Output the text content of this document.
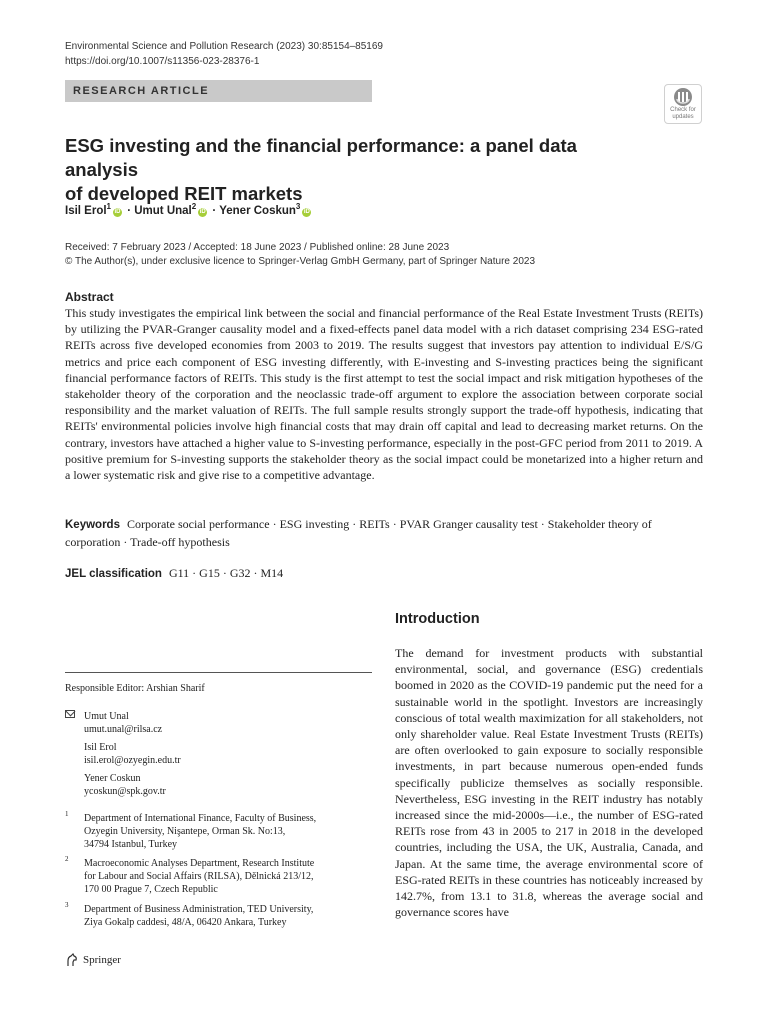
Environmental Science and Pollution Research (2023) 30:85154–85169
https://doi.org/10.1007/s11356-023-28376-1
RESEARCH ARTICLE
Check for
updates
ESG investing and the financial performance: a panel data analysis
of developed REIT markets
Isil Erol$^1$iD · Umut Unal$^2$iD · Yener Coskun$^3$iD
Received: 7 February 2023 / Accepted: 18 June 2023 / Published online: 28 June 2023
© The Author(s), under exclusive licence to Springer-Verlag GmbH Germany, part of Springer Nature 2023
Abstract
This study investigates the empirical link between the social and financial performance of the Real Estate Investment Trusts (REITs) by utilizing the PVAR-Granger causality model and a fixed-effects panel data model with a rich dataset comprising 234 ESG-rated REITs across five developed economies from 2003 to 2019. The results suggest that investors pay attention to individual E/S/G metrics and price each component of ESG investing differently, with E-investing and S-investing practices being the significant financial performance factors of REITs. This study is the first attempt to test the social impact and risk mitigation hypotheses of the stakeholder theory of the corporation and the neoclassic trade-off argument to explore the association between corporate social responsibility and the market valuation of REITs. The full sample results strongly support the trade-off hypothesis, indicating that REITs' environmental policies involve high financial costs that may drain off capital and lead to decreasing market returns. On the contrary, investors have attached a higher value to S-investing performance, especially in the post-GFC period from 2011 to 2019. A positive premium for S-investing supports the stakeholder theory as the social impact could be monetarized into a higher return and a lower systematic risk and give rise to a competitive advantage.
Keywords Corporate social performance · ESG investing · REITs · PVAR Granger causality test · Stakeholder theory of corporation · Trade-off hypothesis
JEL classification G11 · G15 · G32 · M14
Introduction
The demand for investment products with substantial environmental, social, and governance (ESG) credentials boomed in 2020 as the COVID-19 pandemic put the need for a sustainable world in the spotlight. Investors are increasingly conscious of total wealth maximization for all stakeholders, not only shareholder value. Real Estate Investment Trusts (REITs) are often overlooked to gain exposure to socially responsible investments, in part because numerous open-ended funds specifically publicize themselves as socially responsible. Nevertheless, ESG investing in the REIT industry has notably increased since the mid-2000s—i.e., the number of ESG-rated REITs rose from 43 in 2005 to 217 in 2018 in the developed countries, including the USA, the UK, Australia, Canada, and Japan. At the same time, the average environmental score of ESG-rated REITs in these countries has noticeably increased by 142.7%, from 13.1 to 31.8, whereas the average social and governance scores have
Responsible Editor: Arshian Sharif
Umut Unal
umut.unal@rilsa.cz
Isil Erol
isil.erol@ozyegin.edu.tr
Yener Coskun
ycoskun@spk.gov.tr
1 Department of International Finance, Faculty of Business,
Ozyegin University, Nişantepe, Orman Sk. No:13,
34794 Istanbul, Turkey
2 Macroeconomic Analyses Department, Research Institute
for Labour and Social Affairs (RILSA), Dělnická 213/12,
170 00 Prague 7, Czech Republic
3 Department of Business Administration, TED University,
Ziya Gokalp caddesi, 48/A, 06420 Ankara, Turkey
Springer
